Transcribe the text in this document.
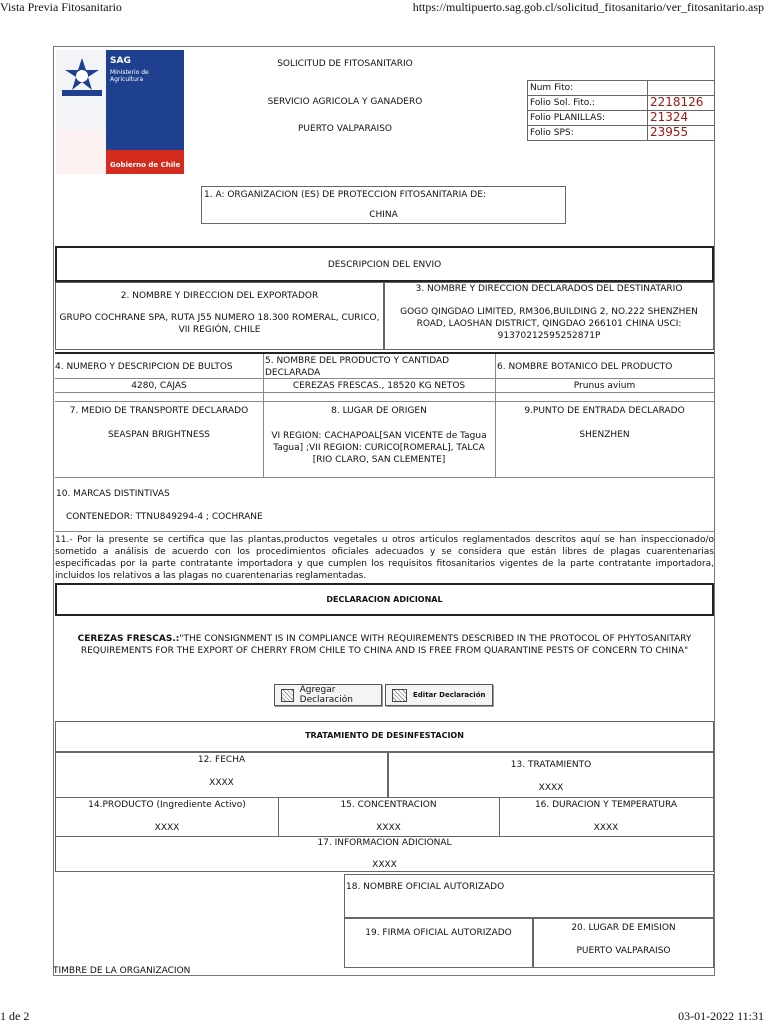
Vista Previa Fitosanitario	https://multipuerto.sag.gob.cl/solicitud_fitosanitario/ver_fitosanitario.asp
1 de 2	03-01-2022 11:31
SAG
Ministerio de
Agricultura
Gobierno de Chile
SOLICITUD DE FITOSANITARIO
SERVICIO AGRICOLA Y GANADERO
PUERTO VALPARAISO
Num Fito:
Folio Sol. Fito.:	2218126
Folio PLANILLAS:	21324
Folio SPS:	23955
1. A: ORGANIZACION (ES) DE PROTECCION FITOSANITARIA DE:
CHINA
DESCRIPCION DEL ENVIO
2. NOMBRE Y DIRECCION DEL EXPORTADOR
GRUPO COCHRANE SPA, RUTA J55 NUMERO 18.300 ROMERAL, CURICO, VII REGIÓN, CHILE
3. NOMBRE Y DIRECCION DECLARADOS DEL DESTINATARIO
GOGO QINGDAO LIMITED, RM306,BUILDING 2, NO.222 SHENZHEN ROAD, LAOSHAN DISTRICT, QINGDAO 266101 CHINA USCI: 91370212595252871P
4. NUMERO Y DESCRIPCION DE BULTOS
4280, CAJAS
5. NOMBRE DEL PRODUCTO Y CANTIDAD DECLARADA
CEREZAS FRESCAS., 18520 KG NETOS
6. NOMBRE BOTANICO DEL PRODUCTO
Prunus avium
7. MEDIO DE TRANSPORTE DECLARADO
SEASPAN BRIGHTNESS
8. LUGAR DE ORIGEN
VI REGION: CACHAPOAL[SAN VICENTE de Tagua Tagua] ;VII REGION: CURICO[ROMERAL], TALCA [RIO CLARO, SAN CLEMENTE]
9.PUNTO DE ENTRADA DECLARADO
SHENZHEN
10. MARCAS DISTINTIVAS
CONTENEDOR: TTNU849294-4 ; COCHRANE
11.- Por la presente se certifica que las plantas,productos vegetales u otros articulos reglamentados descritos aquí se han inspeccionado/o sometido a análisis de acuerdo con los procedimientos oficiales adecuados y se considera que están libres de plagas cuarentenarias especificadas por la parte contratante importadora y que cumplen los requisitos fitosanitarios vigentes de la parte contratante importadora, incluidos los relativos a las plagas no cuarentenarias reglamentadas.
DECLARACION ADICIONAL
CEREZAS FRESCAS.:"THE CONSIGNMENT IS IN COMPLIANCE WITH REQUIREMENTS DESCRIBED IN THE PROTOCOL OF PHYTOSANITARY REQUIREMENTS FOR THE EXPORT OF CHERRY FROM CHILE TO CHINA AND IS FREE FROM QUARANTINE PESTS OF CONCERN TO CHINA"
Agregar Declaración	Editar Declaración
TRATAMIENTO DE DESINFESTACION
12. FECHA
XXXX
13. TRATAMIENTO
XXXX
14.PRODUCTO (Ingrediente Activo)
XXXX
15. CONCENTRACION
XXXX
16. DURACION Y TEMPERATURA
XXXX
17. INFORMACION ADICIONAL
XXXX
18. NOMBRE OFICIAL AUTORIZADO
19. FIRMA OFICIAL AUTORIZADO	20. LUGAR DE EMISION
PUERTO VALPARAISO
TIMBRE DE LA ORGANIZACION
